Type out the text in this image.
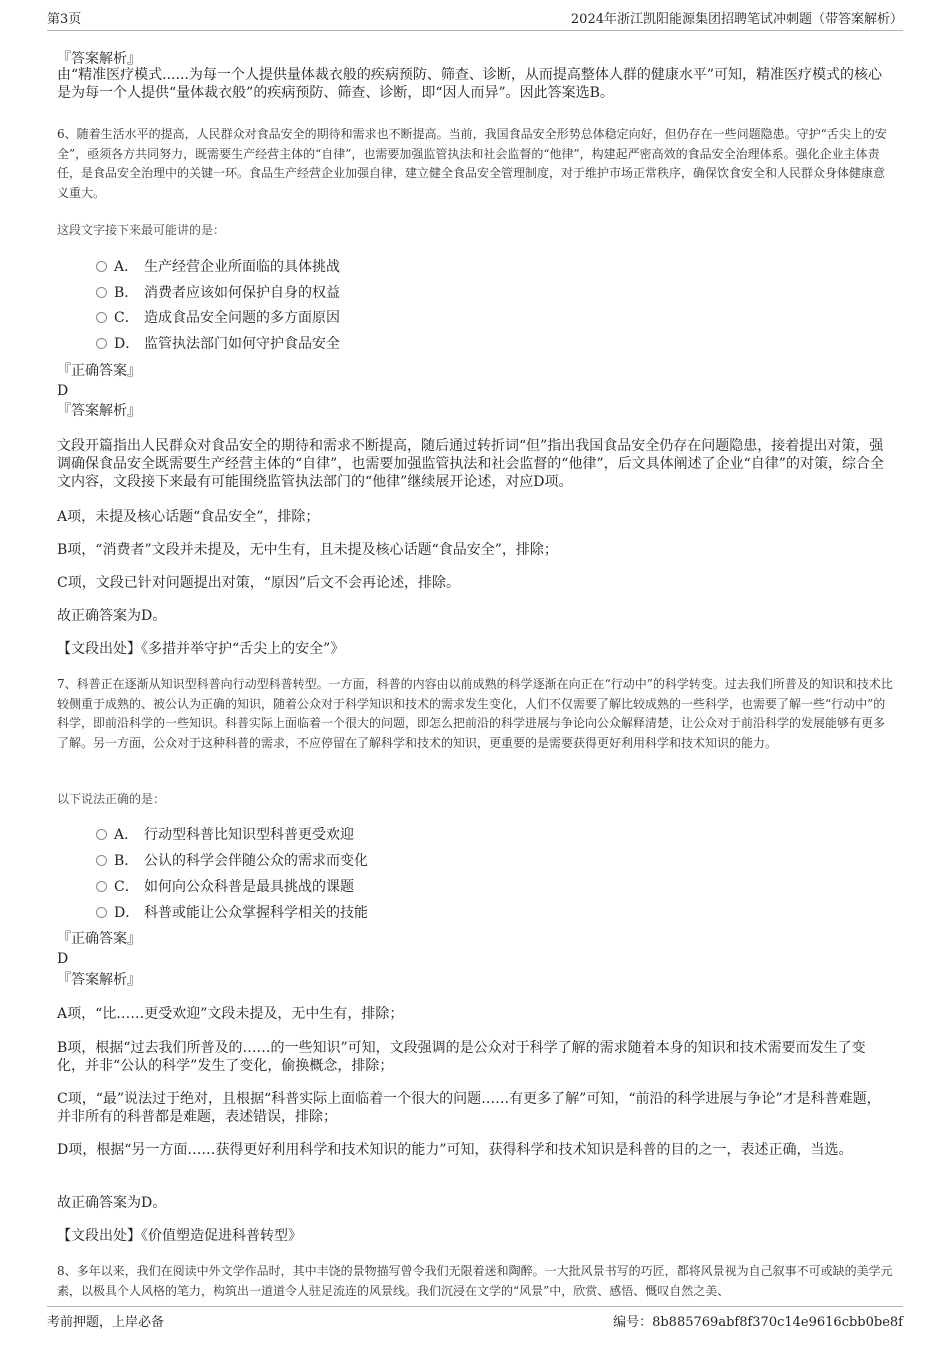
第3页	2024年浙江凯阳能源集团招聘笔试冲刺题（带答案解析）
『答案解析』

由“精准医疗模式......为每一个人提供量体裁衣般的疾病预防、筛查、诊断，从而提高整体人群的健康水平”可知，精准医疗模式的核心是为每一个人提供“量体裁衣般”的疾病预防、筛查、诊断，即“因人而异”。因此答案选B。

6、随着生活水平的提高，人民群众对食品安全的期待和需求也不断提高。当前，我国食品安全形势总体稳定向好，但仍存在一些问题隐患。守护“舌尖上的安全”，亟须各方共同努力，既需要生产经营主体的“自律”，也需要加强监管执法和社会监督的“他律”，构建起严密高效的食品安全治理体系。强化企业主体责任，是食品安全治理中的关键一环。食品生产经营企业加强自律，建立健全食品安全管理制度，对于维护市场正常秩序，确保饮食安全和人民群众身体健康意义重大。

这段文字接下来最可能讲的是：
A． 生产经营企业所面临的具体挑战
B． 消费者应该如何保护自身的权益
C． 造成食品安全问题的多方面原因
D． 监管执法部门如何守护食品安全
『正确答案』
D
『答案解析』

文段开篇指出人民群众对食品安全的期待和需求不断提高，随后通过转折词“但”指出我国食品安全仍存在问题隐患，接着提出对策，强调确保食品安全既需要生产经营主体的“自律”，也需要加强监管执法和社会监督的“他律”，后文具体阐述了企业“自律”的对策，综合全文内容，文段接下来最有可能围绕监管执法部门的“他律”继续展开论述，对应D项。

A项，未提及核心话题“食品安全”，排除；
B项，“消费者”文段并未提及，无中生有，且未提及核心话题“食品安全”，排除；
C项，文段已针对问题提出对策，“原因”后文不会再论述，排除。
故正确答案为D。
【文段出处】《多措并举守护“舌尖上的安全”》

7、科普正在逐渐从知识型科普向行动型科普转型。一方面，科普的内容由以前成熟的科学逐渐在向正在“行动中”的科学转变。过去我们所普及的知识和技术比较侧重于成熟的、被公认为正确的知识，随着公众对于科学知识和技术的需求发生变化，人们不仅需要了解比较成熟的一些科学，也需要了解一些“行动中”的科学，即前沿科学的一些知识。科普实际上面临着一个很大的问题，即怎么把前沿的科学进展与争论向公众解释清楚，让公众对于前沿科学的发展能够有更多了解。另一方面，公众对于这种科普的需求，不应停留在了解科学和技术的知识，更重要的是需要获得更好利用科学和技术知识的能力。

以下说法正确的是：
A． 行动型科普比知识型科普更受欢迎
B． 公认的科学会伴随公众的需求而变化
C． 如何向公众科普是最具挑战的课题
D． 科普或能让公众掌握科学相关的技能
『正确答案』
D
『答案解析』
A项，“比……更受欢迎”文段未提及，无中生有，排除；

B项，根据“过去我们所普及的……的一些知识”可知，文段强调的是公众对于科学了解的需求随着本身的知识和技术需要而发生了变化，并非“公认的科学”发生了变化，偷换概念，排除；

C项，“最”说法过于绝对，且根据“科普实际上面临着一个很大的问题……有更多了解”可知，“前沿的科学进展与争论”才是科普难题，并非所有的科普都是难题，表述错误，排除；

D项，根据“另一方面……获得更好利用科学和技术知识的能力”可知，获得科学和技术知识是科普的目的之一，表述正确，当选。

故正确答案为D。
【文段出处】《价值塑造促进科普转型》

8、多年以来，我们在阅读中外文学作品时，其中丰饶的景物描写曾令我们无限着迷和陶醉。一大批风景书写的巧匠，都将风景视为自己叙事不可或缺的美学元素，以极具个人风格的笔力，构筑出一道道令人驻足流连的风景线。我们沉浸在文学的“风景”中，欣赏、感悟、慨叹自然之美、

考前押题，上岸必备	编号：8b885769abf8f370c14e9616cbb0be8f
